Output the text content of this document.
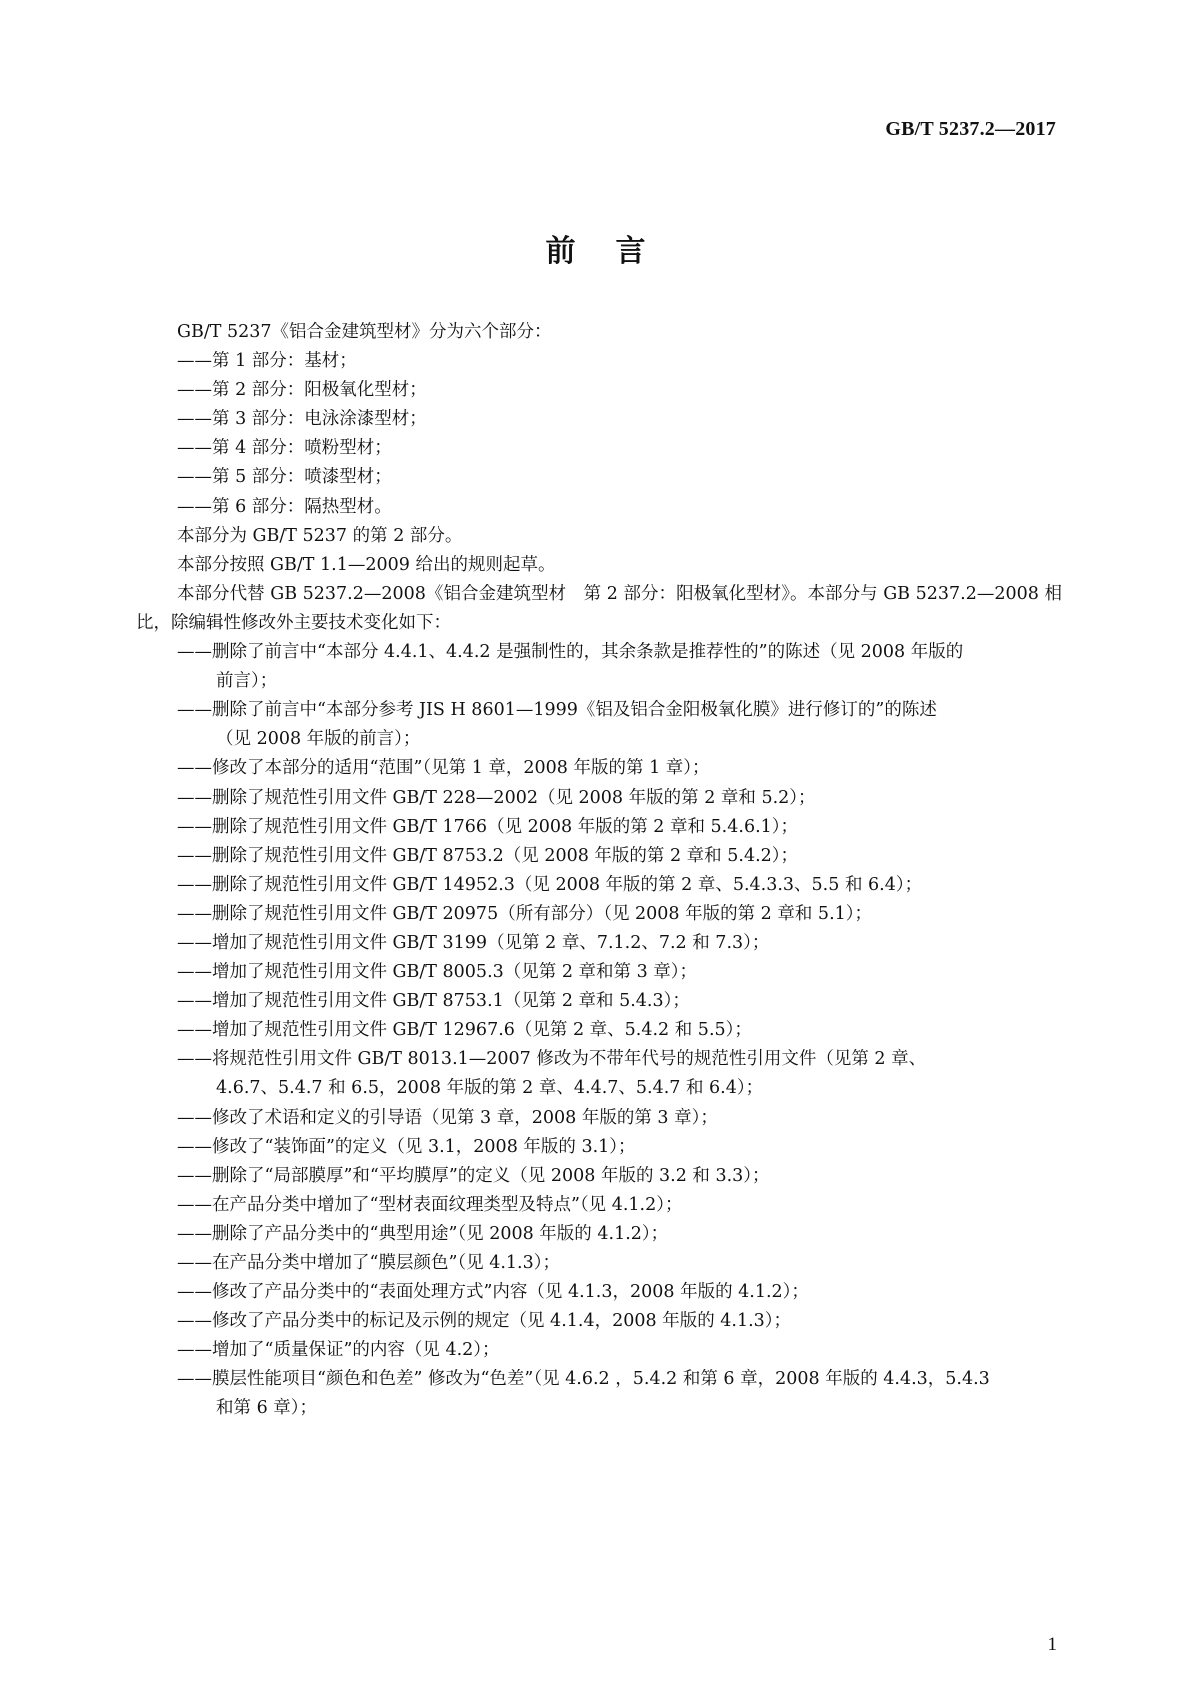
GB/T 5237.2—2017
前言

GB/T 5237《铝合金建筑型材》分为六个部分：

——第 1 部分：基材；

——第 2 部分：阳极氧化型材；

——第 3 部分：电泳涂漆型材；

——第 4 部分：喷粉型材；

——第 5 部分：喷漆型材；

——第 6 部分：隔热型材。

本部分为 GB/T 5237 的第 2 部分。

本部分按照 GB/T 1.1—2009 给出的规则起草。

本部分代替 GB 5237.2—2008《铝合金建筑型材　第 2 部分：阳极氧化型材》。本部分与 GB 5237.2—2008 相比，除编辑性修改外主要技术变化如下：

——删除了前言中“本部分 4.4.1、4.4.2 是强制性的，其余条款是推荐性的”的陈述（见 2008 年版的

前言）；

——删除了前言中“本部分参考 JIS H 8601—1999《铝及铝合金阳极氧化膜》进行修订的”的陈述

（见 2008 年版的前言）；

——修改了本部分的适用“范围”（见第 1 章，2008 年版的第 1 章）；

——删除了规范性引用文件 GB/T 228—2002（见 2008 年版的第 2 章和 5.2）；

——删除了规范性引用文件 GB/T 1766（见 2008 年版的第 2 章和 5.4.6.1）；

——删除了规范性引用文件 GB/T 8753.2（见 2008 年版的第 2 章和 5.4.2）；

——删除了规范性引用文件 GB/T 14952.3（见 2008 年版的第 2 章、5.4.3.3、5.5 和 6.4）；

——删除了规范性引用文件 GB/T 20975（所有部分）（见 2008 年版的第 2 章和 5.1）；

——增加了规范性引用文件 GB/T 3199（见第 2 章、7.1.2、7.2 和 7.3）；

——增加了规范性引用文件 GB/T 8005.3（见第 2 章和第 3 章）；

——增加了规范性引用文件 GB/T 8753.1（见第 2 章和 5.4.3）；

——增加了规范性引用文件 GB/T 12967.6（见第 2 章、5.4.2 和 5.5）；

——将规范性引用文件 GB/T 8013.1—2007 修改为不带年代号的规范性引用文件（见第 2 章、

4.6.7、5.4.7 和 6.5，2008 年版的第 2 章、4.4.7、5.4.7 和 6.4）；

——修改了术语和定义的引导语（见第 3 章，2008 年版的第 3 章）；

——修改了“装饰面”的定义（见 3.1，2008 年版的 3.1）；

——删除了“局部膜厚”和“平均膜厚”的定义（见 2008 年版的 3.2 和 3.3）；

——在产品分类中增加了“型材表面纹理类型及特点”（见 4.1.2）；

——删除了产品分类中的“典型用途”（见 2008 年版的 4.1.2）；

——在产品分类中增加了“膜层颜色”（见 4.1.3）；

——修改了产品分类中的“表面处理方式”内容（见 4.1.3，2008 年版的 4.1.2）；

——修改了产品分类中的标记及示例的规定（见 4.1.4，2008 年版的 4.1.3）；

——增加了“质量保证”的内容（见 4.2）；

——膜层性能项目“颜色和色差” 修改为“色差”（见 4.6.2 ，5.4.2 和第 6 章，2008 年版的 4.4.3，5.4.3

和第 6 章）；

1
